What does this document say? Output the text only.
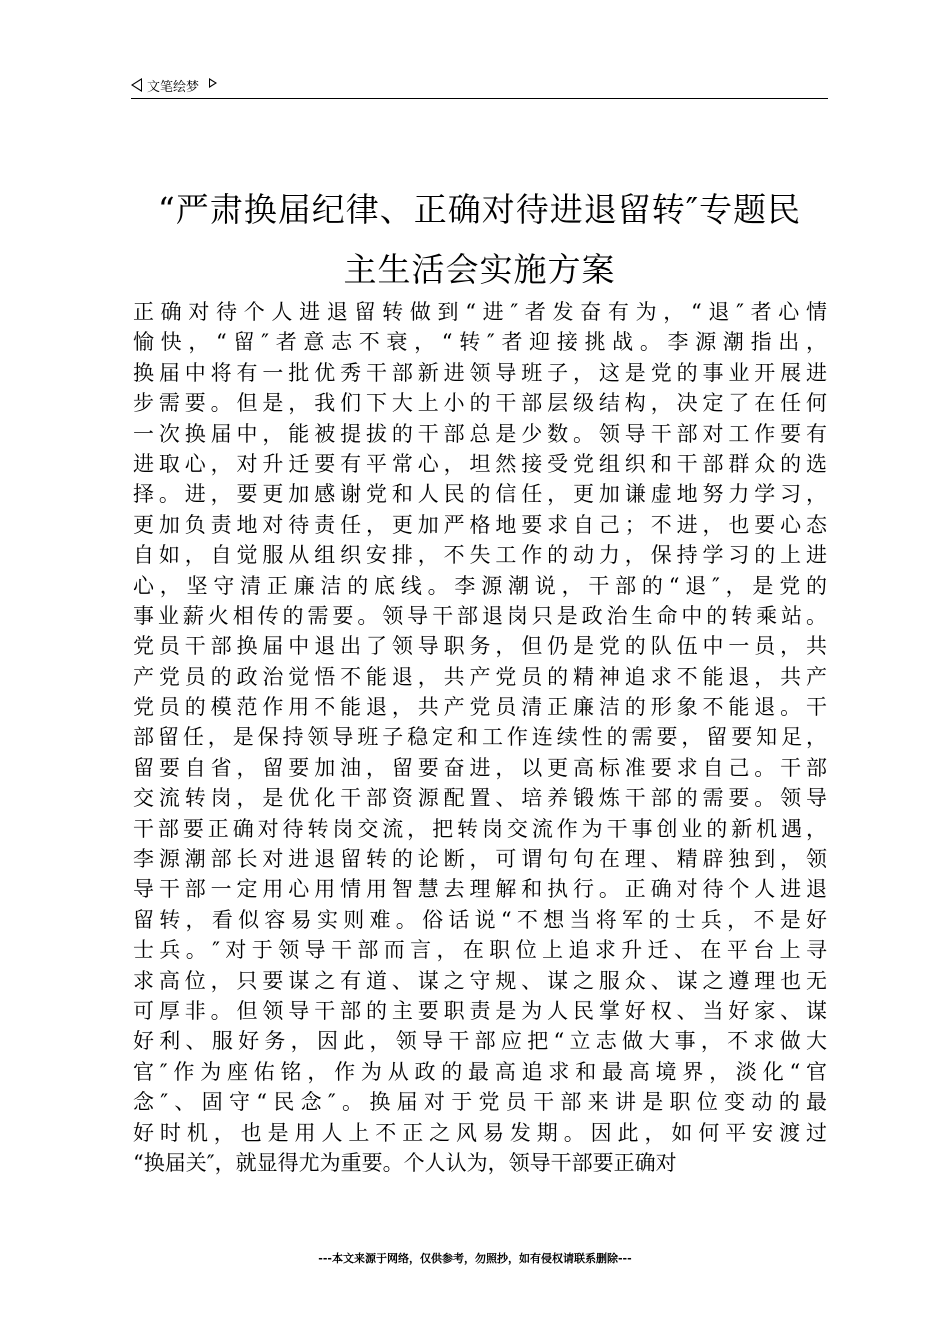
文笔绘梦
“严肃换届纪律、正确对待进退留转″专题民
主生活会实施方案
正确对待个人进退留转做到“进″者发奋有为，“退″者心情
愉快，“留″者意志不衰，“转″者迎接挑战。李源潮指出，
换届中将有一批优秀干部新进领导班子，这是党的事业开展进
步需要。但是，我们下大上小的干部层级结构，决定了在任何
一次换届中，能被提拔的干部总是少数。领导干部对工作要有
进取心，对升迁要有平常心，坦然接受党组织和干部群众的选
择。进，要更加感谢党和人民的信任，更加谦虚地努力学习，
更加负责地对待责任，更加严格地要求自己；不进，也要心态
自如，自觉服从组织安排，不失工作的动力，保持学习的上进
心，坚守清正廉洁的底线。李源潮说，干部的“退″，是党的
事业薪火相传的需要。领导干部退岗只是政治生命中的转乘站。
党员干部换届中退出了领导职务，但仍是党的队伍中一员，共
产党员的政治觉悟不能退，共产党员的精神追求不能退，共产
党员的模范作用不能退，共产党员清正廉洁的形象不能退。干
部留任，是保持领导班子稳定和工作连续性的需要，留要知足，
留要自省，留要加油，留要奋进，以更高标准要求自己。干部
交流转岗，是优化干部资源配置、培养锻炼干部的需要。领导
干部要正确对待转岗交流，把转岗交流作为干事创业的新机遇，
李源潮部长对进退留转的论断，可谓句句在理、精辟独到，领
导干部一定用心用情用智慧去理解和执行。正确对待个人进退
留转，看似容易实则难。俗话说“不想当将军的士兵，不是好
士兵。″对于领导干部而言，在职位上追求升迁、在平台上寻
求高位，只要谋之有道、谋之守规、谋之服众、谋之遵理也无
可厚非。但领导干部的主要职责是为人民掌好权、当好家、谋
好利、服好务，因此，领导干部应把“立志做大事，不求做大
官″作为座佑铭，作为从政的最高追求和最高境界，淡化“官
念″、固守“民念″。换届对于党员干部来讲是职位变动的最
好时机，也是用人上不正之风易发期。因此，如何平安渡过
“换届关″，就显得尤为重要。个人认为，领导干部要正确对
---本文来源于网络，仅供参考，勿照抄，如有侵权请联系删除---
